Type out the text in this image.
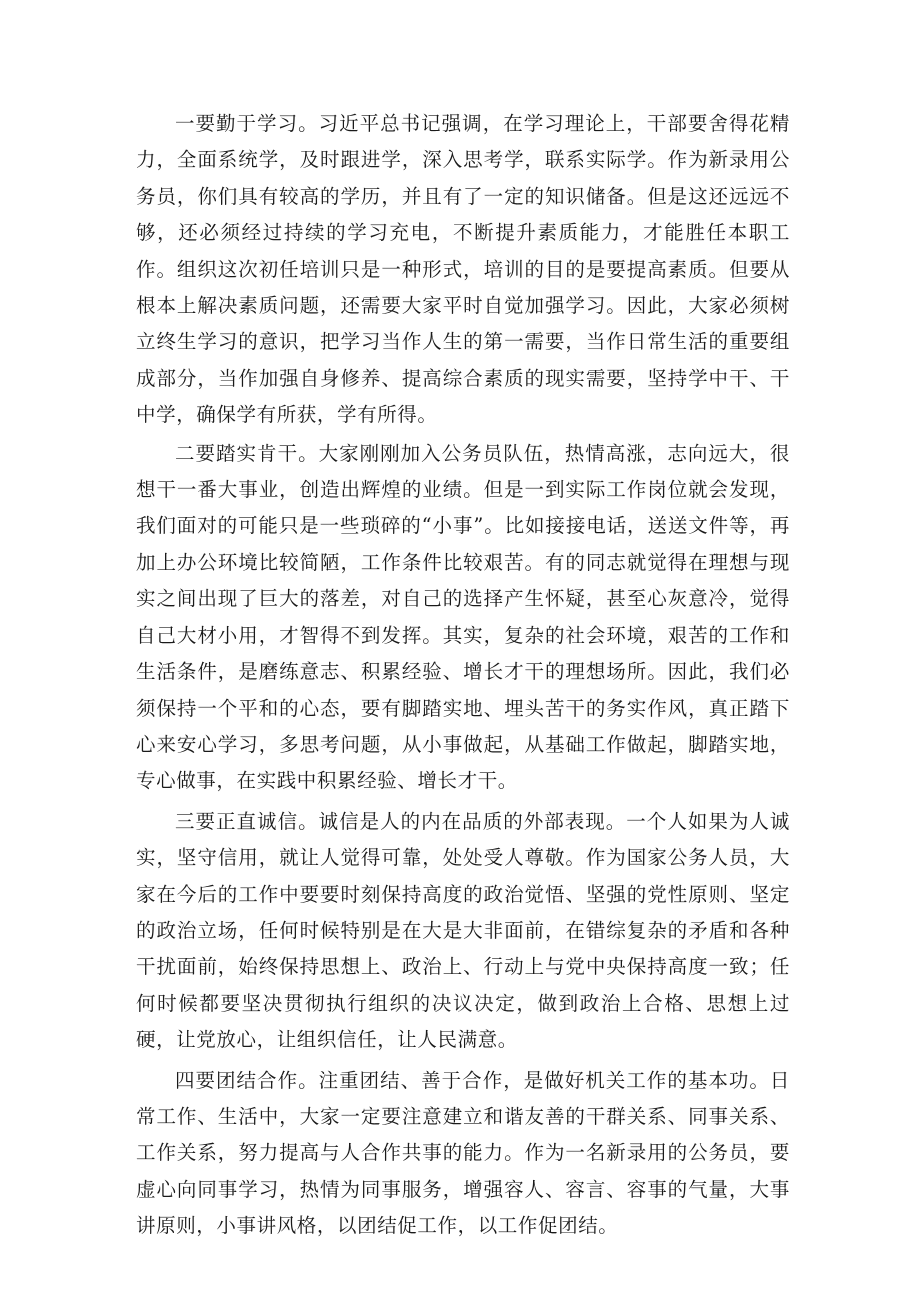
一要勤于学习。习近平总书记强调，在学习理论上，干部要舍得花精力，全面系统学，及时跟进学，深入思考学，联系实际学。作为新录用公务员，你们具有较高的学历，并且有了一定的知识储备。但是这还远远不够，还必须经过持续的学习充电，不断提升素质能力，才能胜任本职工作。组织这次初任培训只是一种形式，培训的目的是要提高素质。但要从根本上解决素质问题，还需要大家平时自觉加强学习。因此，大家必须树立终生学习的意识，把学习当作人生的第一需要，当作日常生活的重要组成部分，当作加强自身修养、提高综合素质的现实需要，坚持学中干、干中学，确保学有所获，学有所得。

二要踏实肯干。大家刚刚加入公务员队伍，热情高涨，志向远大，很想干一番大事业，创造出辉煌的业绩。但是一到实际工作岗位就会发现，我们面对的可能只是一些琐碎的“小事”。比如接接电话，送送文件等，再加上办公环境比较简陋，工作条件比较艰苦。有的同志就觉得在理想与现实之间出现了巨大的落差，对自己的选择产生怀疑，甚至心灰意冷，觉得自己大材小用，才智得不到发挥。其实，复杂的社会环境，艰苦的工作和生活条件，是磨练意志、积累经验、增长才干的理想场所。因此，我们必须保持一个平和的心态，要有脚踏实地、埋头苦干的务实作风，真正踏下心来安心学习，多思考问题，从小事做起，从基础工作做起，脚踏实地，专心做事，在实践中积累经验、增长才干。

三要正直诚信。诚信是人的内在品质的外部表现。一个人如果为人诚实，坚守信用，就让人觉得可靠，处处受人尊敬。作为国家公务人员，大家在今后的工作中要要时刻保持高度的政治觉悟、坚强的党性原则、坚定的政治立场，任何时候特别是在大是大非面前，在错综复杂的矛盾和各种干扰面前，始终保持思想上、政治上、行动上与党中央保持高度一致；任何时候都要坚决贯彻执行组织的决议决定，做到政治上合格、思想上过硬，让党放心，让组织信任，让人民满意。

四要团结合作。注重团结、善于合作，是做好机关工作的基本功。日常工作、生活中，大家一定要注意建立和谐友善的干群关系、同事关系、工作关系，努力提高与人合作共事的能力。作为一名新录用的公务员，要虚心向同事学习，热情为同事服务，增强容人、容言、容事的气量，大事讲原则，小事讲风格，以团结促工作，以工作促团结。
